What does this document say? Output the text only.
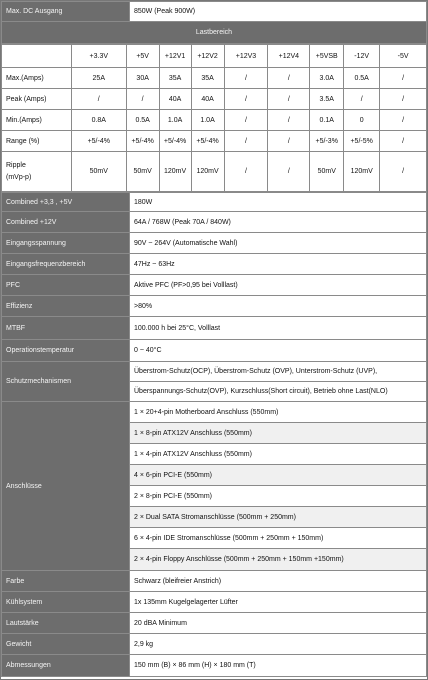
Max. DC Ausgang	850W (Peak 900W)
Lastbereich
	+3.3V	+5V	+12V1	+12V2	+12V3	+12V4	+5VSB	-12V	-5V
Max.(Amps)	25A	30A	35A	35A	/	/	3.0A	0.5A	/
Peak (Amps)	/	/	40A	40A	/	/	3.5A	/	/
Min.(Amps)	0.8A	0.5A	1.0A	1.0A	/	/	0.1A	0	/
Range (%)	+5/-4%	+5/-4%	+5/-4%	+5/-4%	/	/	+5/-3%	+5/-5%	/

Ripple
(mVp-p)	50mV	50mV	120mV	120mV	/	/	50mV	120mV	/
Combined +3,3 , +5V	180W
Combined +12V	64A / 768W (Peak 70A / 840W)
Eingangsspannung	90V ~ 264V (Automatische Wahl)
Eingangsfrequenzbereich	47Hz ~ 63Hz
PFC	Aktive PFC (PF>0,95 bei Volllast)
Effizienz	>80%
MTBF	100.000 h bei 25°C, Volllast
Operationstemperatur	0 ~ 40°C
Schutzmechanismen	Überstrom-Schutz(OCP), Überstrom-Schutz (OVP), Unterstrom-Schutz (UVP),
	Überspannungs-Schutz(OVP), Kurzschluss(Short circuit), Betrieb ohne Last(NLO)
Anschlüsse	1 × 20+4-pin Motherboard Anschluss (550mm)
	1 × 8-pin ATX12V Anschluss (550mm)
	1 × 4-pin ATX12V Anschluss (550mm)
	4 × 6-pin PCI-E (550mm)
	2 × 8-pin PCI-E (550mm)
	2 × Dual SATA Stromanschlüsse (500mm + 250mm)
	6 × 4-pin IDE Stromanschlüsse (500mm + 250mm + 150mm)
	2 × 4-pin Floppy Anschlüsse (500mm + 250mm + 150mm +150mm)
Farbe	Schwarz (bleifreier Anstrich)
Kühlsystem	1x 135mm Kugelgelagerter Lüfter
Lautstärke	20 dBA Minimum
Gewicht	2,9 kg
Abmessungen	150 mm (B) × 86 mm (H) × 180 mm (T)
